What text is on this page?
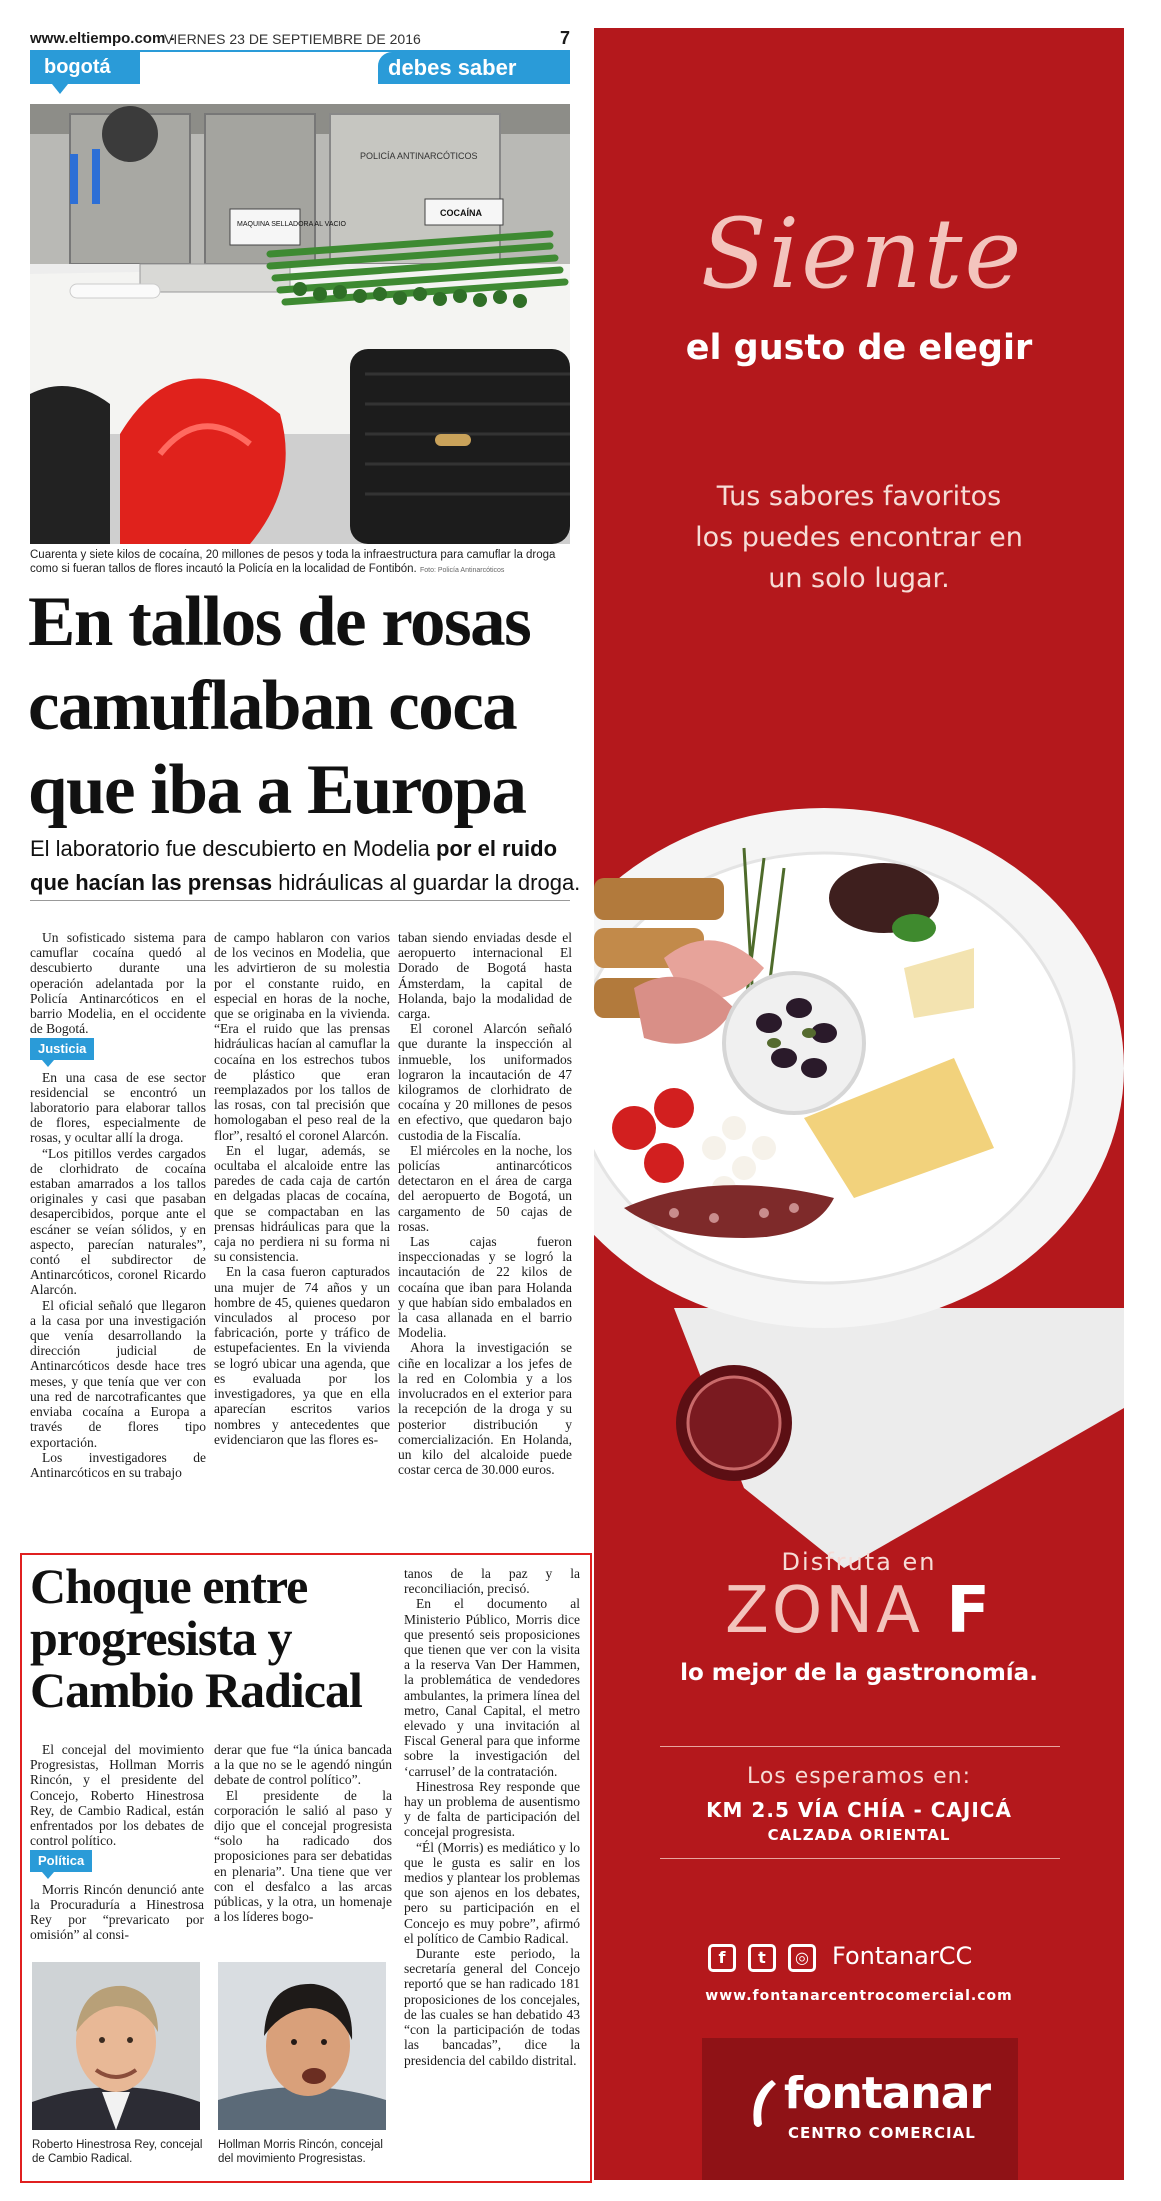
www.eltiempo.com -
VIERNES 23 DE SEPTIEMBRE DE 2016	7
bogotá	debes saber
POLICÍA ANTINARCÓTICOS
MAQUINA SELLADORA AL VACIO
COCAÍNA
Cuarenta y siete kilos de cocaína, 20 millones de pesos y toda la infraestructura para camuflar la droga como si fueran tallos de flores incautó la Policía en la localidad de Fontibón. Foto: Policía Antinarcóticos
En tallos de rosas camuflaban coca que iba a Europa
El laboratorio fue descubierto en Modelia por el ruido que hacían las prensas hidráulicas al guardar la droga.

Un sofisticado sistema para camuflar cocaína quedó al descubierto durante una operación adelantada por la Policía Antinarcóticos en el barrio Modelia, en el occidente de Bogotá.

Justicia

En una casa de ese sector residencial se encontró un laboratorio para elaborar tallos de flores, especialmente de rosas, y ocultar allí la droga.

“Los pitillos verdes cargados de clorhidrato de cocaína estaban amarrados a los tallos originales y casi que pasaban desapercibidos, porque ante el escáner se veían sólidos, y en aspecto, parecían naturales”, contó el subdirector de Antinarcóticos, coronel Ricardo Alarcón.

El oficial señaló que llegaron a la casa por una investigación que venía desarrollando la dirección judicial de Antinarcóticos desde hace tres meses, y que tenía que ver con una red de narcotraficantes que enviaba cocaína a Europa a través de flores tipo exportación.

Los investigadores de Antinarcóticos en su trabajo

de campo hablaron con varios de los vecinos en Modelia, que les advirtieron de su molestia por el constante ruido, en especial en horas de la noche, que se originaba en la vivienda. “Era el ruido que las prensas hidráulicas hacían al camuflar la cocaína en los estrechos tubos de plástico que eran reemplazados por los tallos de las rosas, con tal precisión que homologaban el peso real de la flor”, resaltó el coronel Alarcón.

En el lugar, además, se ocultaba el alcaloide entre las paredes de cada caja de cartón en delgadas placas de cocaína, que se compactaban en las prensas hidráulicas para que la caja no perdiera ni su forma ni su consistencia.

En la casa fueron capturados una mujer de 74 años y un hombre de 45, quienes quedaron vinculados al proceso por fabricación, porte y tráfico de estupefacientes. En la vivienda se logró ubicar una agenda, que es evaluada por los investigadores, ya que en ella aparecían escritos varios nombres y antecedentes que evidenciaron que las flores es-

taban siendo enviadas desde el aeropuerto internacional El Dorado de Bogotá hasta Ámsterdam, la capital de Holanda, bajo la modalidad de carga.

El coronel Alarcón señaló que durante la inspección al inmueble, los uniformados lograron la incautación de 47 kilogramos de clorhidrato de cocaína y 20 millones de pesos en efectivo, que quedaron bajo custodia de la Fiscalía.

El miércoles en la noche, los policías antinarcóticos detectaron en el área de carga del aeropuerto de Bogotá, un cargamento de 50 cajas de rosas.

Las cajas fueron inspeccionadas y se logró la incautación de 22 kilos de cocaína que iban para Holanda y que habían sido embalados en la casa allanada en el barrio Modelia.

Ahora la investigación se ciñe en localizar a los jefes de la red en Colombia y a los involucrados en el exterior para la recepción de la droga y su posterior distribución y comercialización. En Holanda, un kilo del alcaloide puede costar cerca de 30.000 euros.

Choque entre progresista y Cambio Radical

El concejal del movimiento Progresistas, Hollman Morris Rincón, y el presidente del Concejo, Roberto Hinestrosa Rey, de Cambio Radical, están enfrentados por los debates de control político.

Política

Morris Rincón denunció ante la Procuraduría a Hinestrosa Rey por “prevaricato por omisión” al consi-

derar que fue “la única bancada a la que no se le agendó ningún debate de control político”.

El presidente de la corporación le salió al paso y dijo que el concejal progresista “solo ha radicado dos proposiciones para ser debatidas en plenaria”. Una tiene que ver con el desfalco a las arcas públicas, y la otra, un homenaje a los líderes bogo-

tanos de la paz y la reconciliación, precisó.

En el documento al Ministerio Público, Morris dice que presentó seis proposiciones que tienen que ver con la visita a la reserva Van Der Hammen, la problemática de vendedores ambulantes, la primera línea del metro, Canal Capital, el metro elevado y una invitación al Fiscal General para que informe sobre la investigación del ‘carrusel’ de la contratación.

Hinestrosa Rey responde que hay un problema de ausentismo y de falta de participación del concejal progresista.

“Él (Morris) es mediático y lo que le gusta es salir en los medios y plantear los problemas que son ajenos en los debates, pero su participación en el Concejo es muy pobre”, afirmó el político de Cambio Radical.

Durante este periodo, la secretaría general del Concejo reportó que se han radicado 181 proposiciones de los concejales, de las cuales se han debatido 43 “con la participación de todas las bancadas”, dice la presidencia del cabildo distrital.

Roberto Hinestrosa Rey, concejal de Cambio Radical.
Hollman Morris Rincón, concejal del movimiento Progresistas.
Siente
el gusto de elegir
Tus sabores favoritos los puedes encontrar en un solo lugar.
Disfruta en
ZONA F
lo mejor de la gastronomía.
Los esperamos en:
KM 2.5 VÍA CHÍA - CAJICÁ
CALZADA ORIENTAL
f	t	◎ FontanarCC
www.fontanarcentrocomercial.com
fontanar
CENTRO COMERCIAL
